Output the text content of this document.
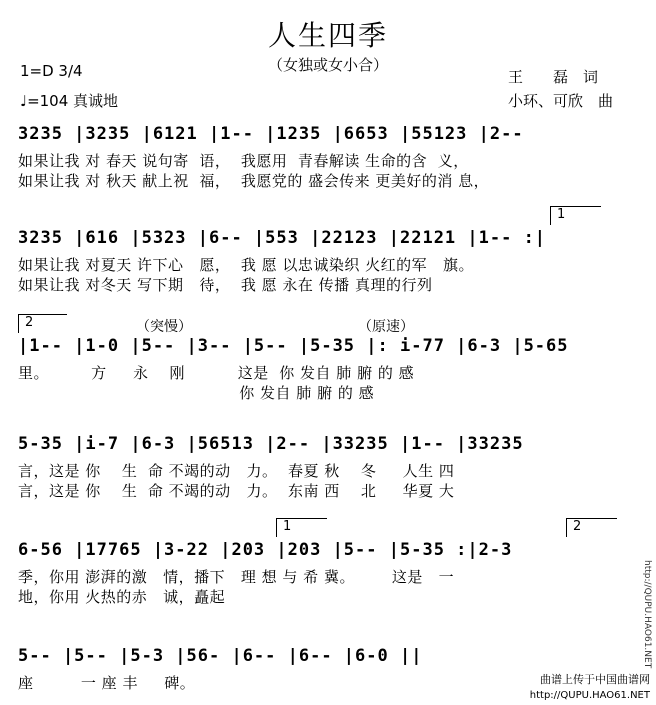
人生四季
（女独或女小合）
1=D 3/4
♩=104 真诚地
王　　磊　词
小环、可欣　曲
3235 |3235 |6121 |1-- |1235 |6653 |55123 |2--
如果让我 对 春天 说句寄  语，  我愿用  青春解读 生命的含  义，
如果让我 对 秋天 献上祝  福，  我愿党的 盛会传来 更美好的消 息，
1
3235 |616 |5323 |6-- |553 |22123 |22121 |1-- :|
如果让我 对夏天 许下心   愿，  我 愿 以忠诚染织 火红的军   旗。
如果让我 对冬天 写下期   待，  我 愿 永在 传播 真理的行列
2	（突慢）	（原速）
|1-- |1-0 |5-- |3-- |5-- |5-35 |: i-77 |6-3 |5-65
里。        方     永    刚          这是  你 发自 肺 腑 的 感
你 发自 肺 腑 的 感
5-35 |i-7 |6-3 |56513 |2-- |33235 |1-- |33235
言，这是 你    生  命 不竭的动   力。  春夏 秋    冬     人生 四
言，这是 你    生  命 不竭的动   力。  东南 西    北     华夏 大
1	2
6-56 |17765 |3-22 |203 |203 |5-- |5-35 :|2-3
季，你用 澎湃的激   情，播下   理 想 与 希 冀。       这是   一
地，你用 火热的赤   诚，矗起
5-- |5-- |5-3 |56- |6-- |6-- |6-0 ||
座         一 座 丰     碑。
http://QUPU.HAO61.NET
曲谱上传于中国曲谱网
http://QUPU.HAO61.NET
